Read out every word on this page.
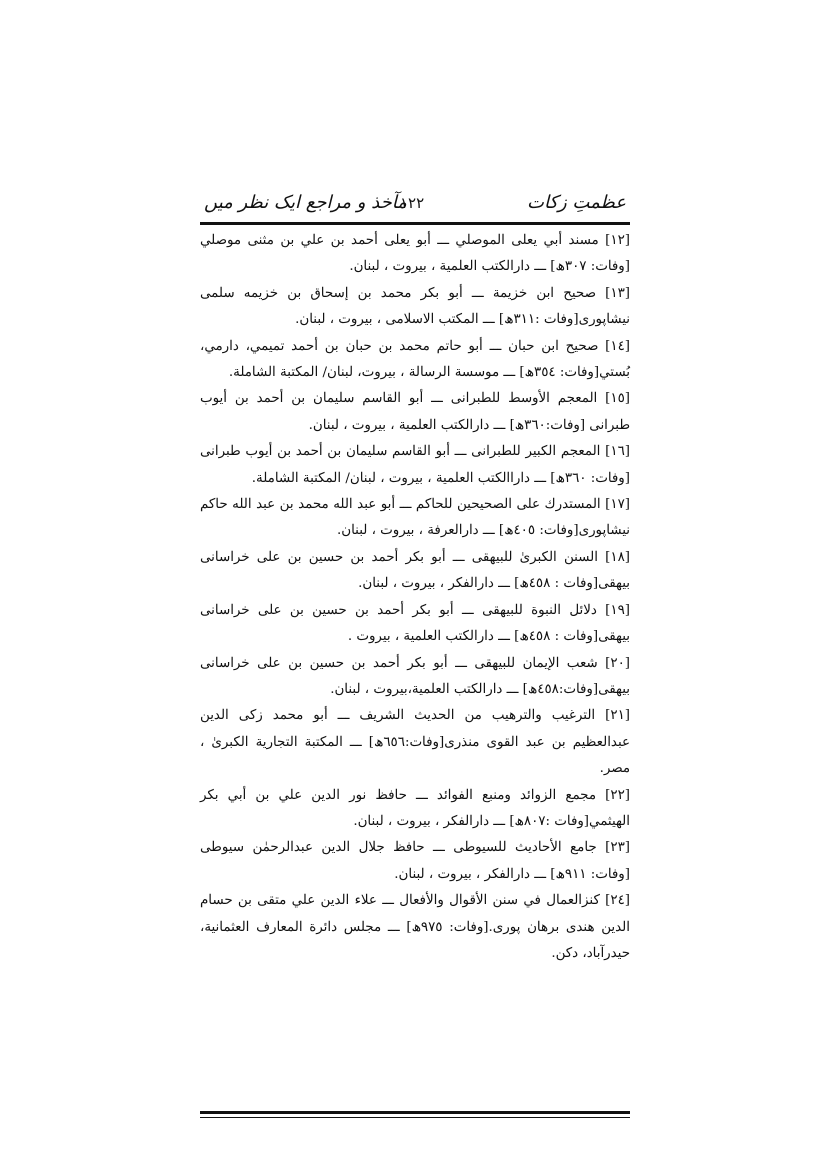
عظمتِ زکات
۱۲۲
مآخذ و مراجع ایک نظر میں

[١٢] مسند أبي يعلى الموصلي ـــ أبو يعلى أحمد بن علي بن مثنى موصلي [وفات: ٣٠٧ھ] ـــ دارالكتب العلمية ، بيروت ، لبنان.

[١٣] صحيح ابن خزيمة ـــ أبو بكر محمد بن إسحاق بن خزيمه سلمى نيشاپوری[وفات :٣١١ھ] ـــ المكتب الاسلامى ، بيروت ، لبنان.

[١٤] صحيح ابن حبان ـــ أبو حاتم محمد بن حبان بن أحمد تميمي، دارمي، بُستي[وفات: ٣٥٤ھ] ـــ موسسة الرسالة ، بيروت، لبنان/ المكتبة الشاملة.

[١٥] المعجم الأوسط للطبرانى ـــ أبو القاسم سليمان بن أحمد بن أيوب طبرانى [وفات:٣٦٠ھ] ـــ دارالكتب العلمية ، بيروت ، لبنان.

[١٦] المعجم الكبير للطبرانى ـــ أبو القاسم سليمان بن أحمد بن أيوب طبرانى [وفات: ٣٦٠ھ] ـــ داراالكتب العلمية ، بيروت ، لبنان/ المكتبة الشاملة.

[١٧] المستدرك على الصحيحين للحاكم ـــ أبو عبد الله محمد بن عبد الله حاكم نيشاپوری[وفات: ٤٠٥ھ] ـــ دارالعرفة ، بيروت ، لبنان.

[١٨] السنن الكبرىٰ للبيهقى ـــ أبو بكر أحمد بن حسين بن على خراسانى بيهقى[وفات : ٤٥٨ھ] ـــ دارالفكر ، بيروت ، لبنان.

[١٩] دلائل النبوة للبيهقى ـــ أبو بكر أحمد بن حسين بن على خراسانى بيهقى[وفات : ٤٥٨ھ] ـــ دارالكتب العلمية ، بيروت .

[٢٠] شعب الإيمان للبيهقى ـــ أبو بكر أحمد بن حسين بن على خراسانى بيهقى[وفات:٤٥٨ھ] ـــ دارالكتب العلمية،بيروت ، لبنان.

[٢١] الترغيب والترهيب من الحديث الشريف ـــ أبو محمد زكى الدين عبدالعظيم بن عبد القوى منذرى[وفات:٦٥٦ھ] ـــ المكتبة التجارية الكبرىٰ ، مصر.

[٢٢] مجمع الزوائد ومنبع الفوائد ـــ حافظ نور الدين علي بن أبي بكر الهيثمي[وفات :٨٠٧ھ] ـــ دارالفكر ، بيروت ، لبنان.

[٢٣] جامع الأحاديث للسيوطى ـــ حافظ جلال الدين عبدالرحمٰن سيوطى [وفات: ٩١١ھ] ـــ دارالفكر ، بيروت ، لبنان.

[٢٤] كنزالعمال في سنن الأقوال والأفعال ـــ علاء الدين علي متقى بن حسام الدين هندى برهان پورى.[وفات: ٩٧٥ھ] ـــ مجلس دائرة المعارف العثمانية، حيدرآباد، دكن.
